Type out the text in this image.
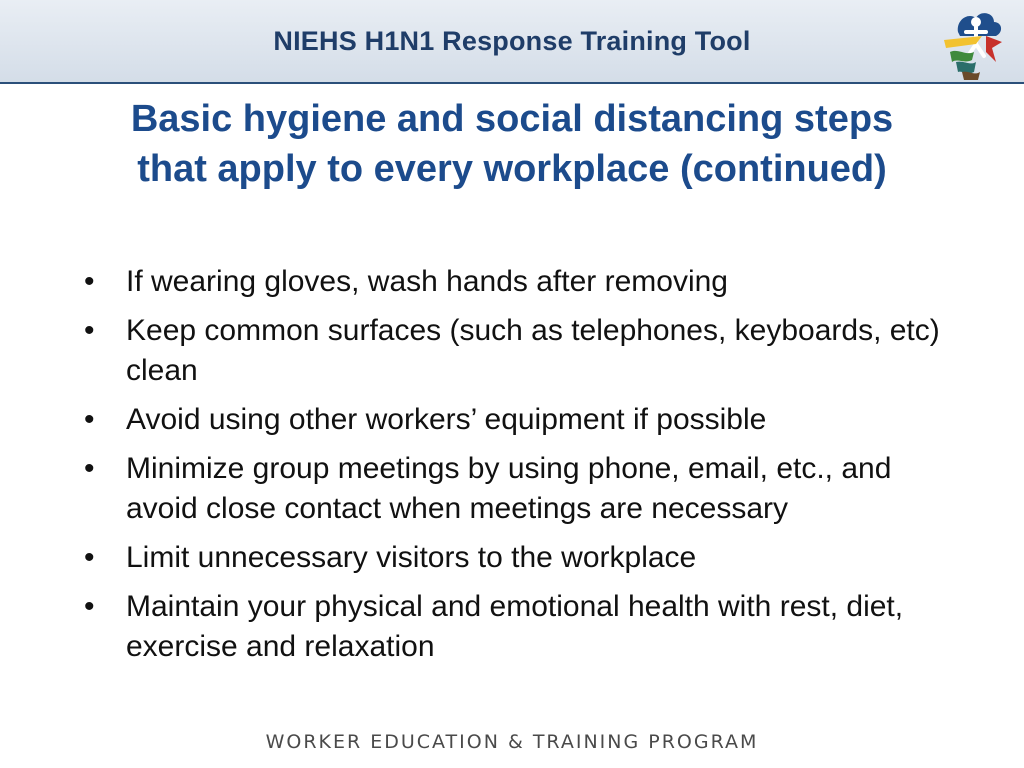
NIEHS H1N1 Response Training Tool
Basic hygiene and social distancing steps that apply to every workplace (continued)
• If wearing gloves, wash hands after removing
• Keep common surfaces (such as telephones, keyboards, etc) clean
• Avoid using other workers’ equipment if possible
• Minimize group meetings by using phone, email, etc., and avoid close contact when meetings are necessary
• Limit unnecessary visitors to the workplace
• Maintain your physical and emotional health with rest, diet, exercise and relaxation
WORKER EDUCATION & TRAINING PROGRAM
